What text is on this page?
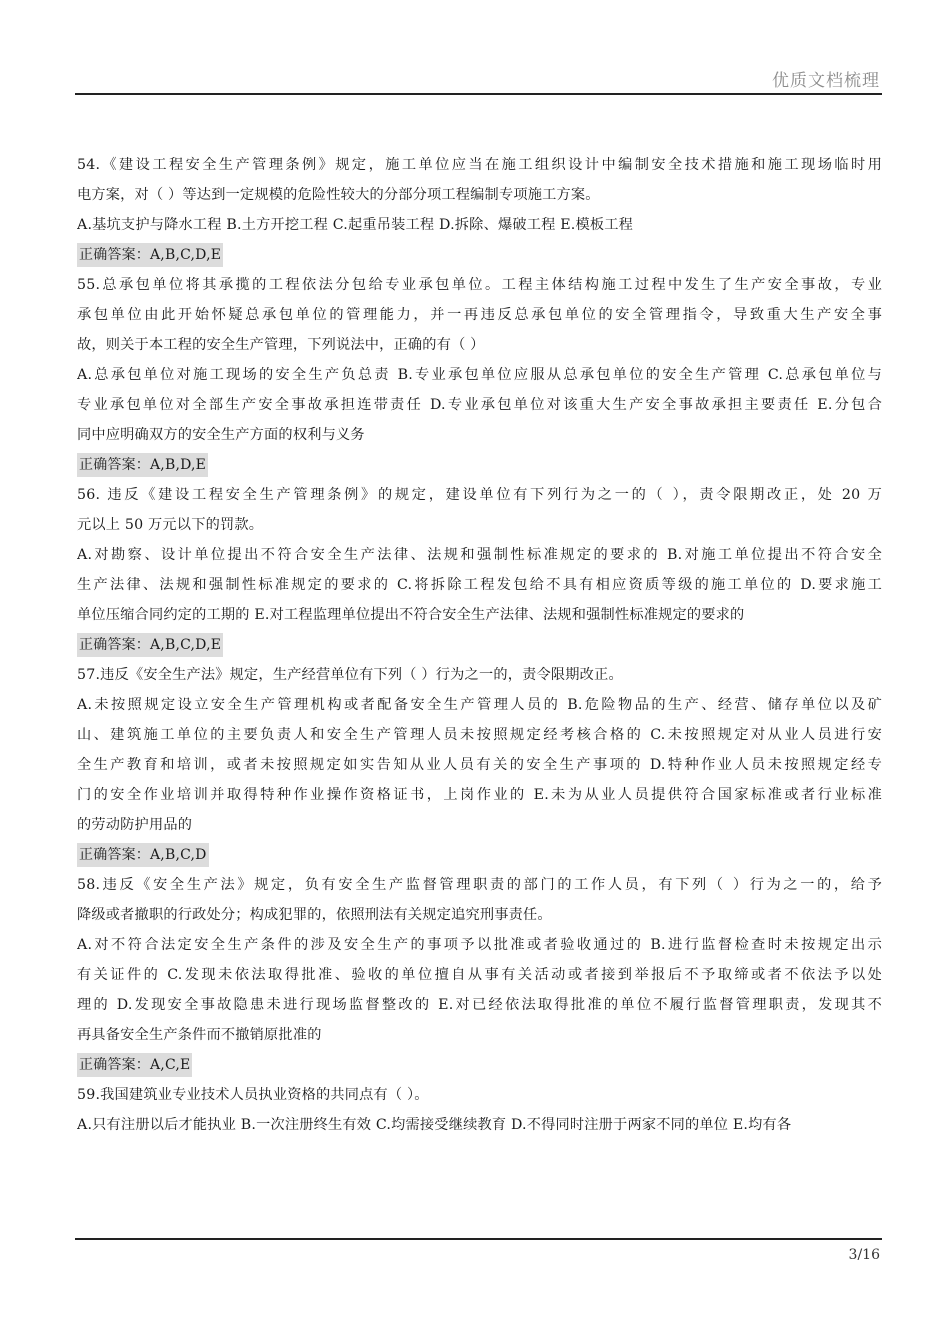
优质文档梳理
54.《建设工程安全生产管理条例》规定，施工单位应当在施工组织设计中编制安全技术措施和施工现场临时用
电方案，对（ ）等达到一定规模的危险性较大的分部分项工程编制专项施工方案。
A.基坑支护与降水工程 B.土方开挖工程 C.起重吊装工程 D.拆除、爆破工程 E.模板工程
正确答案：A,B,C,D,E
55.总承包单位将其承揽的工程依法分包给专业承包单位。工程主体结构施工过程中发生了生产安全事故，专业
承包单位由此开始怀疑总承包单位的管理能力，并一再违反总承包单位的安全管理指令，导致重大生产安全事
故，则关于本工程的安全生产管理，下列说法中，正确的有（ ）
A.总承包单位对施工现场的安全生产负总责 B.专业承包单位应服从总承包单位的安全生产管理 C.总承包单位与
专业承包单位对全部生产安全事故承担连带责任 D.专业承包单位对该重大生产安全事故承担主要责任 E.分包合
同中应明确双方的安全生产方面的权利与义务
正确答案：A,B,D,E
56. 违反《建设工程安全生产管理条例》的规定，建设单位有下列行为之一的（ ），责令限期改正，处 20 万
元以上 50 万元以下的罚款。
A.对勘察、设计单位提出不符合安全生产法律、法规和强制性标准规定的要求的 B.对施工单位提出不符合安全
生产法律、法规和强制性标准规定的要求的 C.将拆除工程发包给不具有相应资质等级的施工单位的 D.要求施工
单位压缩合同约定的工期的 E.对工程监理单位提出不符合安全生产法律、法规和强制性标准规定的要求的
正确答案：A,B,C,D,E
57.违反《安全生产法》规定，生产经营单位有下列（ ）行为之一的，责令限期改正。
A.未按照规定设立安全生产管理机构或者配备安全生产管理人员的 B.危险物品的生产、经营、储存单位以及矿
山、建筑施工单位的主要负责人和安全生产管理人员未按照规定经考核合格的 C.未按照规定对从业人员进行安
全生产教育和培训，或者未按照规定如实告知从业人员有关的安全生产事项的 D.特种作业人员未按照规定经专
门的安全作业培训并取得特种作业操作资格证书，上岗作业的 E.未为从业人员提供符合国家标准或者行业标准
的劳动防护用品的
正确答案：A,B,C,D
58.违反《安全生产法》规定，负有安全生产监督管理职责的部门的工作人员，有下列（ ）行为之一的，给予
降级或者撤职的行政处分；构成犯罪的，依照刑法有关规定追究刑事责任。
A.对不符合法定安全生产条件的涉及安全生产的事项予以批准或者验收通过的 B.进行监督检查时未按规定出示
有关证件的 C.发现未依法取得批准、验收的单位擅自从事有关活动或者接到举报后不予取缔或者不依法予以处
理的 D.发现安全事故隐患未进行现场监督整改的 E.对已经依法取得批准的单位不履行监督管理职责，发现其不
再具备安全生产条件而不撤销原批准的
正确答案：A,C,E
59.我国建筑业专业技术人员执业资格的共同点有（ ）。
A.只有注册以后才能执业 B.一次注册终生有效 C.均需接受继续教育 D.不得同时注册于两家不同的单位 E.均有各
3/16
